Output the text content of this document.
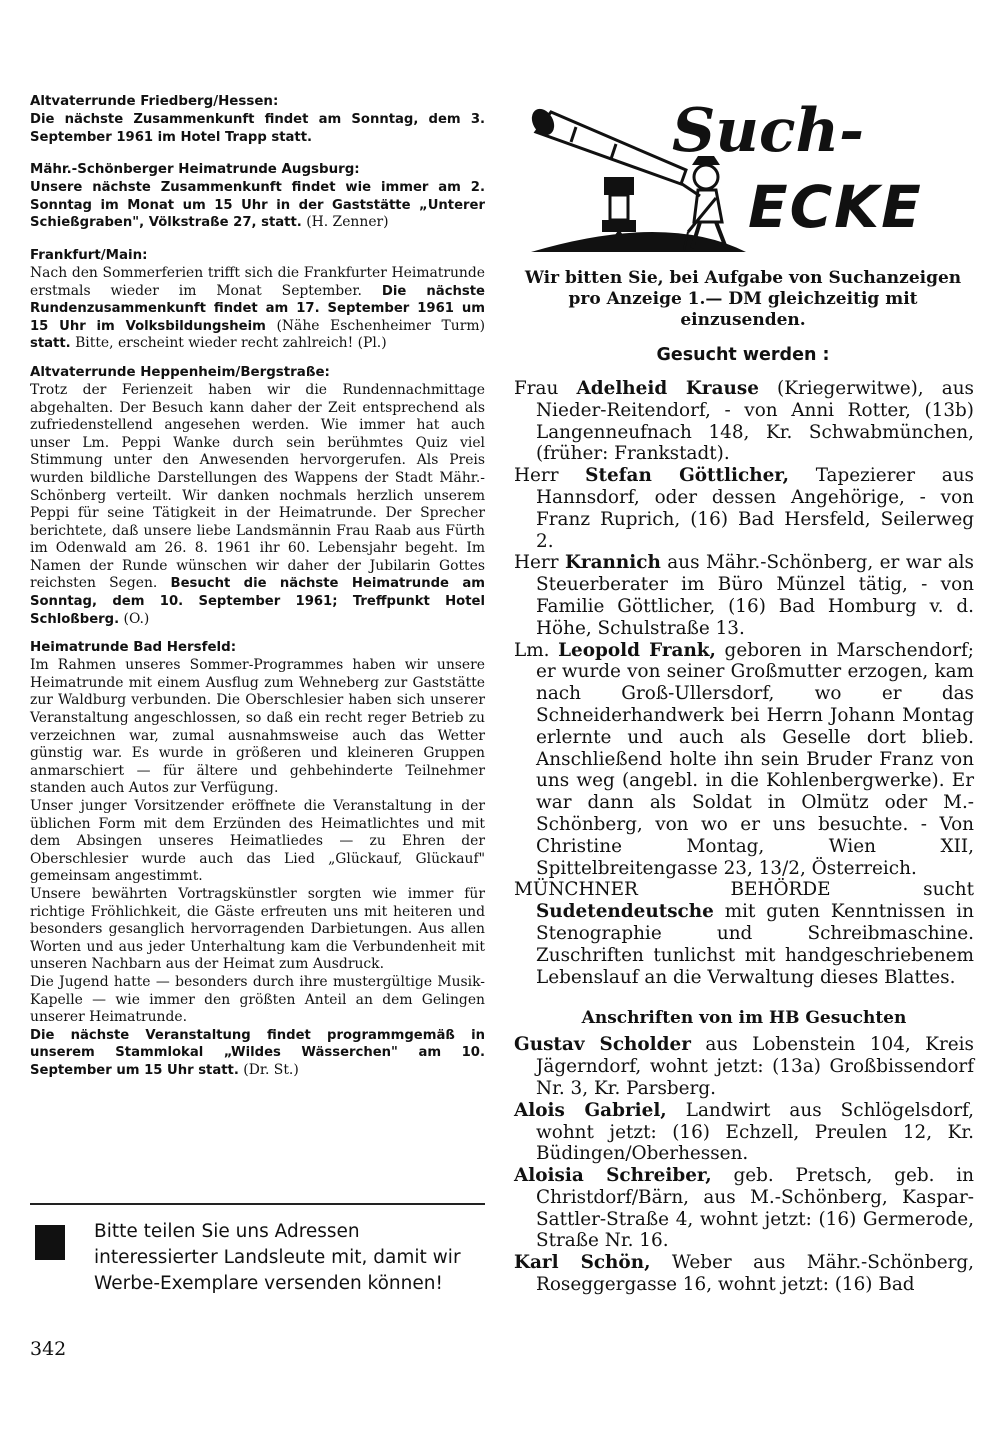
Altvaterrunde Friedberg/Hessen:

Die nächste Zusammenkunft findet am Sonntag, dem 3. September 1961 im Hotel Trapp statt.

Mähr.-Schönberger Heimatrunde Augsburg:

Unsere nächste Zusammenkunft findet wie immer am 2. Sonntag im Monat um 15 Uhr in der Gaststätte „Unterer Schießgraben", Völkstraße 27, statt. (H. Zenner)

Frankfurt/Main:

Nach den Sommerferien trifft sich die Frankfurter Heimatrunde erstmals wieder im Monat September. Die nächste Rundenzusammenkunft findet am 17. September 1961 um 15 Uhr im Volksbildungsheim (Nähe Eschenheimer Turm) statt. Bitte, erscheint wieder recht zahlreich! (Pl.)

Altvaterrunde Heppenheim/Bergstraße:

Trotz der Ferienzeit haben wir die Rundennachmittage abgehalten. Der Besuch kann daher der Zeit entsprechend als zufriedenstellend angesehen werden. Wie immer hat auch unser Lm. Peppi Wanke durch sein berühmtes Quiz viel Stimmung unter den Anwesenden hervorgerufen. Als Preis wurden bildliche Darstellungen des Wappens der Stadt Mähr.-Schönberg verteilt. Wir danken nochmals herzlich unserem Peppi für seine Tätigkeit in der Heimatrunde. Der Sprecher berichtete, daß unsere liebe Landsmännin Frau Raab aus Fürth im Odenwald am 26. 8. 1961 ihr 60. Lebensjahr begeht. Im Namen der Runde wünschen wir daher der Jubilarin Gottes reichsten Segen. Besucht die nächste Heimatrunde am Sonntag, dem 10. September 1961; Treffpunkt Hotel Schloßberg. (O.)

Heimatrunde Bad Hersfeld:

Im Rahmen unseres Sommer-Programmes haben wir unsere Heimatrunde mit einem Ausflug zum Wehneberg zur Gaststätte zur Waldburg verbunden. Die Oberschlesier haben sich unserer Veranstaltung angeschlossen, so daß ein recht reger Betrieb zu verzeichnen war, zumal ausnahmsweise auch das Wetter günstig war. Es wurde in größeren und kleineren Gruppen anmarschiert — für ältere und gehbehinderte Teilnehmer standen auch Autos zur Verfügung.

Unser junger Vorsitzender eröffnete die Veranstaltung in der üblichen Form mit dem Erzünden des Heimatlichtes und mit dem Absingen unseres Heimatliedes — zu Ehren der Oberschlesier wurde auch das Lied „Glückauf, Glückauf" gemeinsam angestimmt.

Unsere bewährten Vortragskünstler sorgten wie immer für richtige Fröhlichkeit, die Gäste erfreuten uns mit heiteren und besonders gesanglich hervorragenden Darbietungen. Aus allen Worten und aus jeder Unterhaltung kam die Verbundenheit mit unseren Nachbarn aus der Heimat zum Ausdruck.

Die Jugend hatte — besonders durch ihre mustergültige Musik-Kapelle — wie immer den größten Anteil an dem Gelingen unserer Heimatrunde.

Die nächste Veranstaltung findet programmgemäß in unserem Stammlokal „Wildes Wässerchen" am 10. September um 15 Uhr statt. (Dr. St.)

Bitte teilen Sie uns Adressen interessierter Landsleute mit, damit wir Werbe-Exemplare versenden können!

342
Such-
ECKE

Wir bitten Sie, bei Aufgabe von Suchanzeigen pro Anzeige 1.— DM gleichzeitig mit einzusenden.

Gesucht werden :

Frau Adelheid Krause (Kriegerwitwe), aus Nieder-Reitendorf, - von Anni Rotter, (13b) Langenneufnach 148, Kr. Schwabmünchen, (früher: Frankstadt).

Herr Stefan Göttlicher, Tapezierer aus Hannsdorf, oder dessen Angehörige, - von Franz Ruprich, (16) Bad Hersfeld, Seilerweg 2.

Herr Krannich aus Mähr.-Schönberg, er war als Steuerberater im Büro Münzel tätig, - von Familie Göttlicher, (16) Bad Homburg v. d. Höhe, Schulstraße 13.

Lm. Leopold Frank, geboren in Marschendorf; er wurde von seiner Großmutter erzogen, kam nach Groß-Ullersdorf, wo er das Schneiderhandwerk bei Herrn Johann Montag erlernte und auch als Geselle dort blieb. Anschließend holte ihn sein Bruder Franz von uns weg (angebl. in die Kohlenbergwerke). Er war dann als Soldat in Olmütz oder M.-Schönberg, von wo er uns besuchte. - Von Christine Montag, Wien XII, Spittelbreitengasse 23, 13/2, Österreich.

MÜNCHNER BEHÖRDE sucht Sudetendeutsche mit guten Kenntnissen in Stenographie und Schreibmaschine. Zuschriften tunlichst mit handgeschriebenem Lebenslauf an die Verwaltung dieses Blattes.

Anschriften von im HB Gesuchten

Gustav Scholder aus Lobenstein 104, Kreis Jägerndorf, wohnt jetzt: (13a) Großbissendorf Nr. 3, Kr. Parsberg.

Alois Gabriel, Landwirt aus Schlögelsdorf, wohnt jetzt: (16) Echzell, Preulen 12, Kr. Büdingen/Oberhessen.

Aloisia Schreiber, geb. Pretsch, geb. in Christdorf/Bärn, aus M.-Schönberg, Kaspar-Sattler-Straße 4, wohnt jetzt: (16) Germerode, Straße Nr. 16.

Karl Schön, Weber aus Mähr.-Schönberg, Roseggergasse 16, wohnt jetzt: (16) Bad
